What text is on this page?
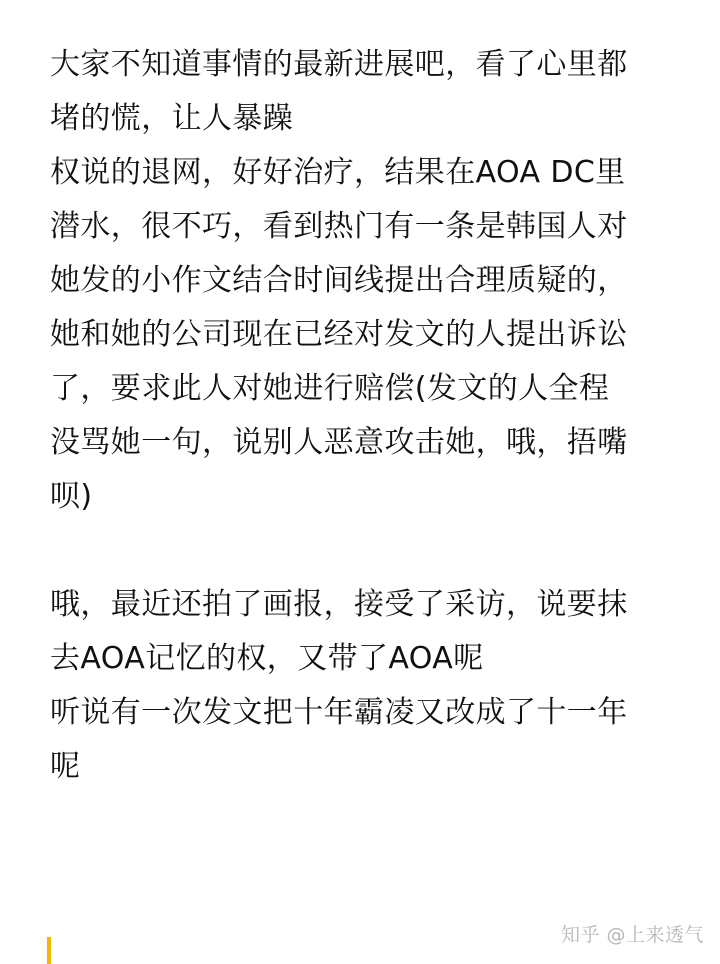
大家不知道事情的最新进展吧，看了心里都
堵的慌，让人暴躁
权说的退网，好好治疗，结果在AOA DC里
潜水，很不巧，看到热门有一条是韩国人对
她发的小作文结合时间线提出合理质疑的，
她和她的公司现在已经对发文的人提出诉讼
了，要求此人对她进行赔偿(发文的人全程
没骂她一句，说别人恶意攻击她，哦，捂嘴
呗)
哦，最近还拍了画报，接受了采访，说要抹
去AOA记忆的权，又带了AOA呢
听说有一次发文把十年霸凌又改成了十一年
呢
知乎 @上来透气
